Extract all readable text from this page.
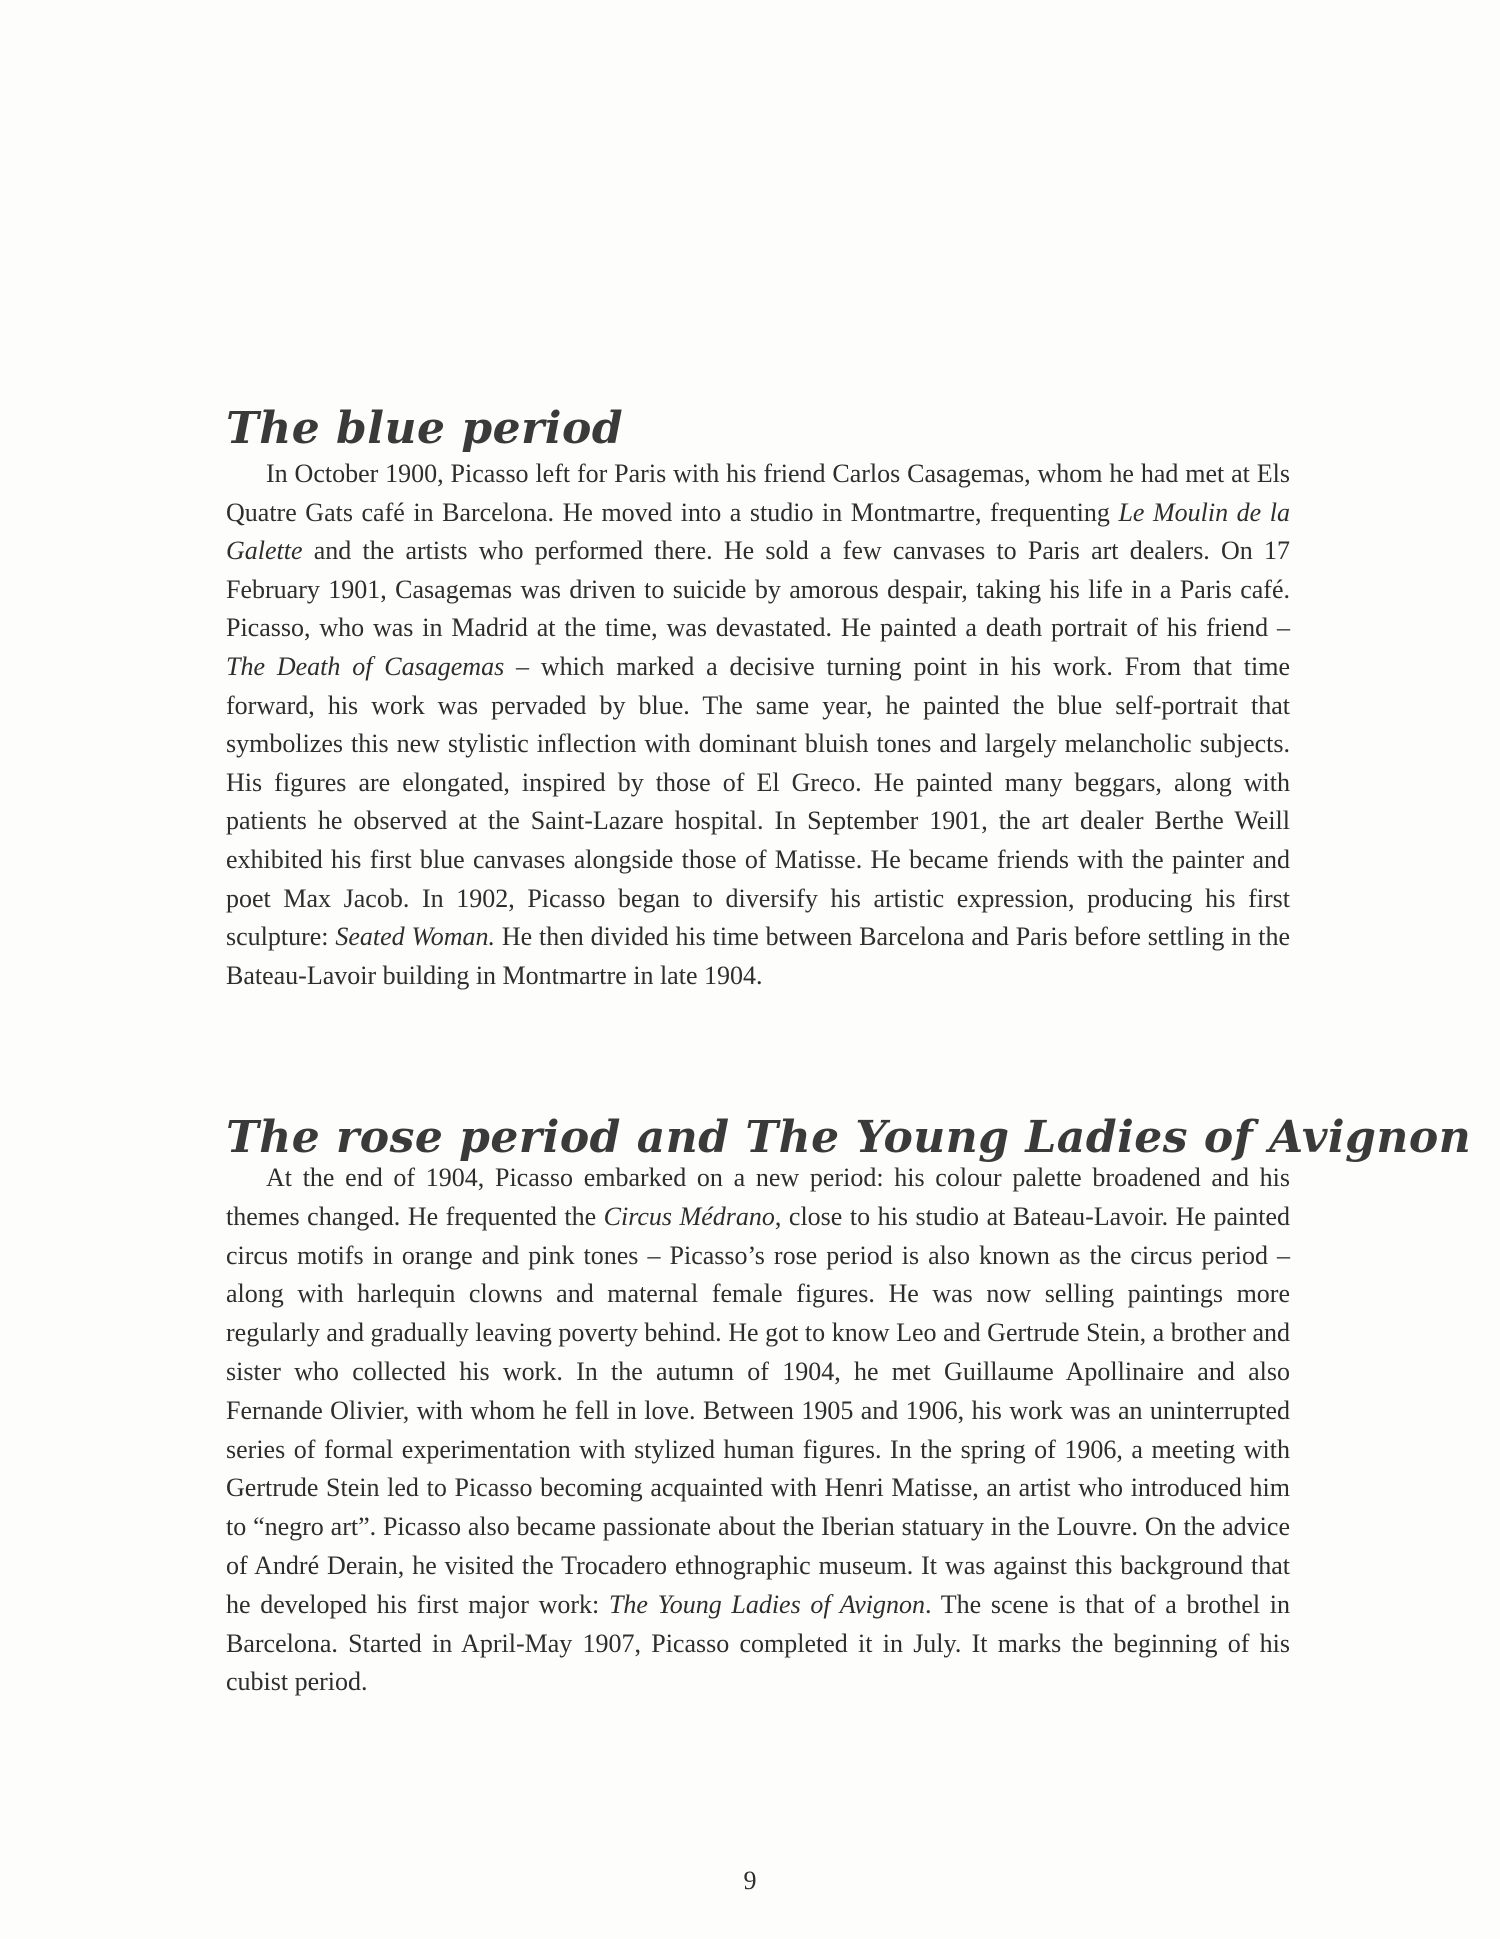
The blue period

In October 1900, Picasso left for Paris with his friend Carlos Casagemas, whom he had met at Els Quatre Gats café in Barcelona. He moved into a studio in Montmartre, frequenting Le Moulin de la Galette and the artists who performed there. He sold a few canvases to Paris art dealers. On 17 February 1901, Casagemas was driven to suicide by amorous despair, taking his life in a Paris café. Picasso, who was in Madrid at the time, was devastated. He painted a death portrait of his friend – The Death of Casagemas – which marked a decisive turning point in his work. From that time forward, his work was pervaded by blue. The same year, he painted the blue self-portrait that symbolizes this new stylistic inflection with dominant bluish tones and largely melancholic subjects. His figures are elongated, inspired by those of El Greco. He painted many beggars, along with patients he observed at the Saint-Lazare hospital. In September 1901, the art dealer Berthe Weill exhibited his first blue canvases alongside those of Matisse. He became friends with the painter and poet Max Jacob. In 1902, Picasso began to diversify his artistic expression, producing his first sculpture: Seated Woman. He then divided his time between Barcelona and Paris before settling in the Bateau-Lavoir building in Montmartre in late 1904.

The rose period and The Young Ladies of Avignon

At the end of 1904, Picasso embarked on a new period: his colour palette broadened and his themes changed. He frequented the Circus Médrano, close to his studio at Bateau-Lavoir. He painted circus motifs in orange and pink tones – Picasso’s rose period is also known as the circus period – along with harlequin clowns and maternal female figures. He was now selling paintings more regularly and gradually leaving poverty behind. He got to know Leo and Gertrude Stein, a brother and sister who collected his work. In the autumn of 1904, he met Guillaume Apollinaire and also Fernande Olivier, with whom he fell in love. Between 1905 and 1906, his work was an uninterrupted series of formal experimentation with stylized human figures. In the spring of 1906, a meeting with Gertrude Stein led to Picasso becoming acquainted with Henri Matisse, an artist who introduced him to “negro art”. Picasso also became passionate about the Iberian statuary in the Louvre. On the advice of André Derain, he visited the Trocadero ethnographic museum. It was against this background that he developed his first major work: The Young Ladies of Avignon. The scene is that of a brothel in Barcelona. Started in April-May 1907, Picasso completed it in July. It marks the beginning of his cubist period.

9
